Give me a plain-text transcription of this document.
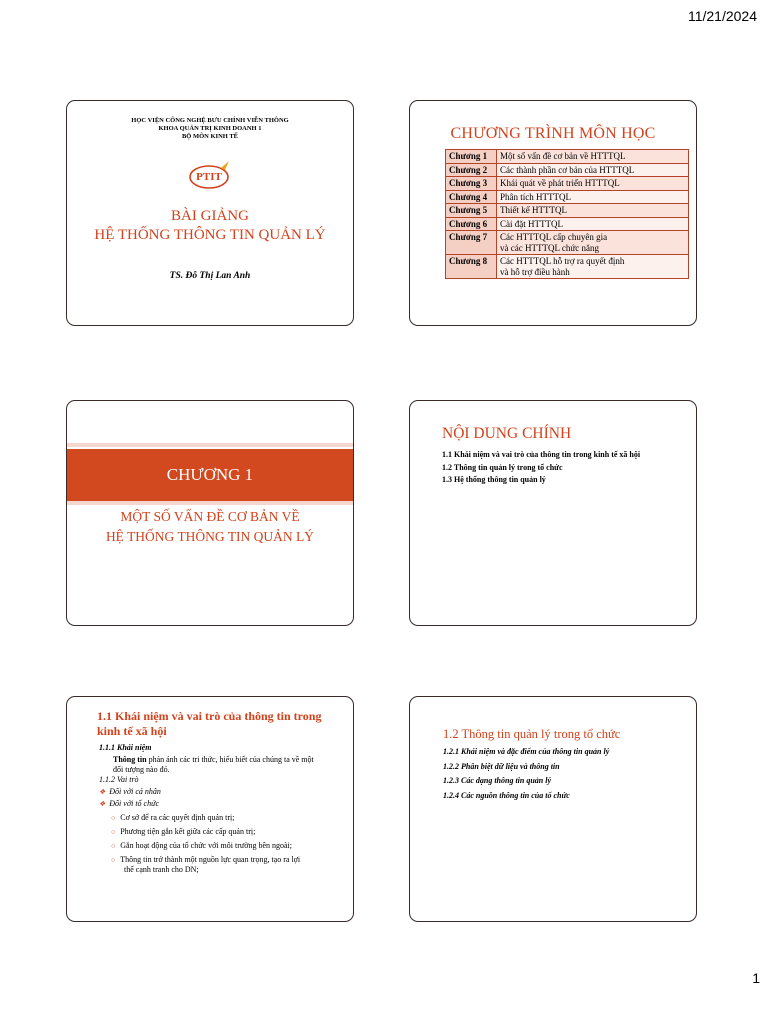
11/21/2024
HỌC VIỆN CÔNG NGHỆ BƯU CHÍNH VIỄN THÔNG
KHOA QUẢN TRỊ KINH DOANH 1
BỘ MÔN KINH TẾ
PTIT
BÀI GIẢNG
HỆ THỐNG THÔNG TIN QUẢN LÝ
TS. Đỗ Thị Lan Anh
CHƯƠNG TRÌNH MÔN HỌC
Chương 1	Một số vấn đề cơ bản về HTTTQL
Chương 2	Các thành phần cơ bản của HTTTQL
Chương 3	Khái quát về phát triển HTTTQL
Chương 4	Phân tích HTTTQL
Chương 5	Thiết kế HTTTQL
Chương 6	Cài đặt HTTTQL
Chương 7	Các HTTTQL cấp chuyên gia
và các HTTTQL chức năng

Chương 8	Các HTTTQL hỗ trợ ra quyết định
và hỗ trợ điều hành
CHƯƠNG 1
MỘT SỐ VẤN ĐỀ CƠ BẢN VỀ
HỆ THỐNG THÔNG TIN QUẢN LÝ
NỘI DUNG CHÍNH
1.1 Khái niệm và vai trò của thông tin trong kinh tế xã hội
1.2 Thông tin quản lý trong tổ chức
1.3 Hệ thống thông tin quản lý
1.1 Khái niệm và vai trò của thông tin trong kinh tế xã hội
1.1.1 Khái niệm
Thông tin phản ánh các tri thức, hiểu biết của chúng ta về một
đối tượng nào đó.
1.1.2 Vai trò
❖ Đối với cá nhân
❖ Đối với tổ chức
○ Cơ sở để ra các quyết định quản trị;
○ Phương tiện gắn kết giữa các cấp quản trị;
○ Gắn hoạt động của tổ chức với môi trường bên ngoài;
○ Thông tin trở thành một nguồn lực quan trọng, tạo ra lợi
thế cạnh tranh cho DN;
1.2 Thông tin quản lý trong tổ chức
1.2.1 Khái niệm và đặc điểm của thông tin quản lý
1.2.2 Phân biệt dữ liệu và thông tin
1.2.3 Các dạng thông tin quản lý
1.2.4 Các nguồn thông tin của tổ chức
1
